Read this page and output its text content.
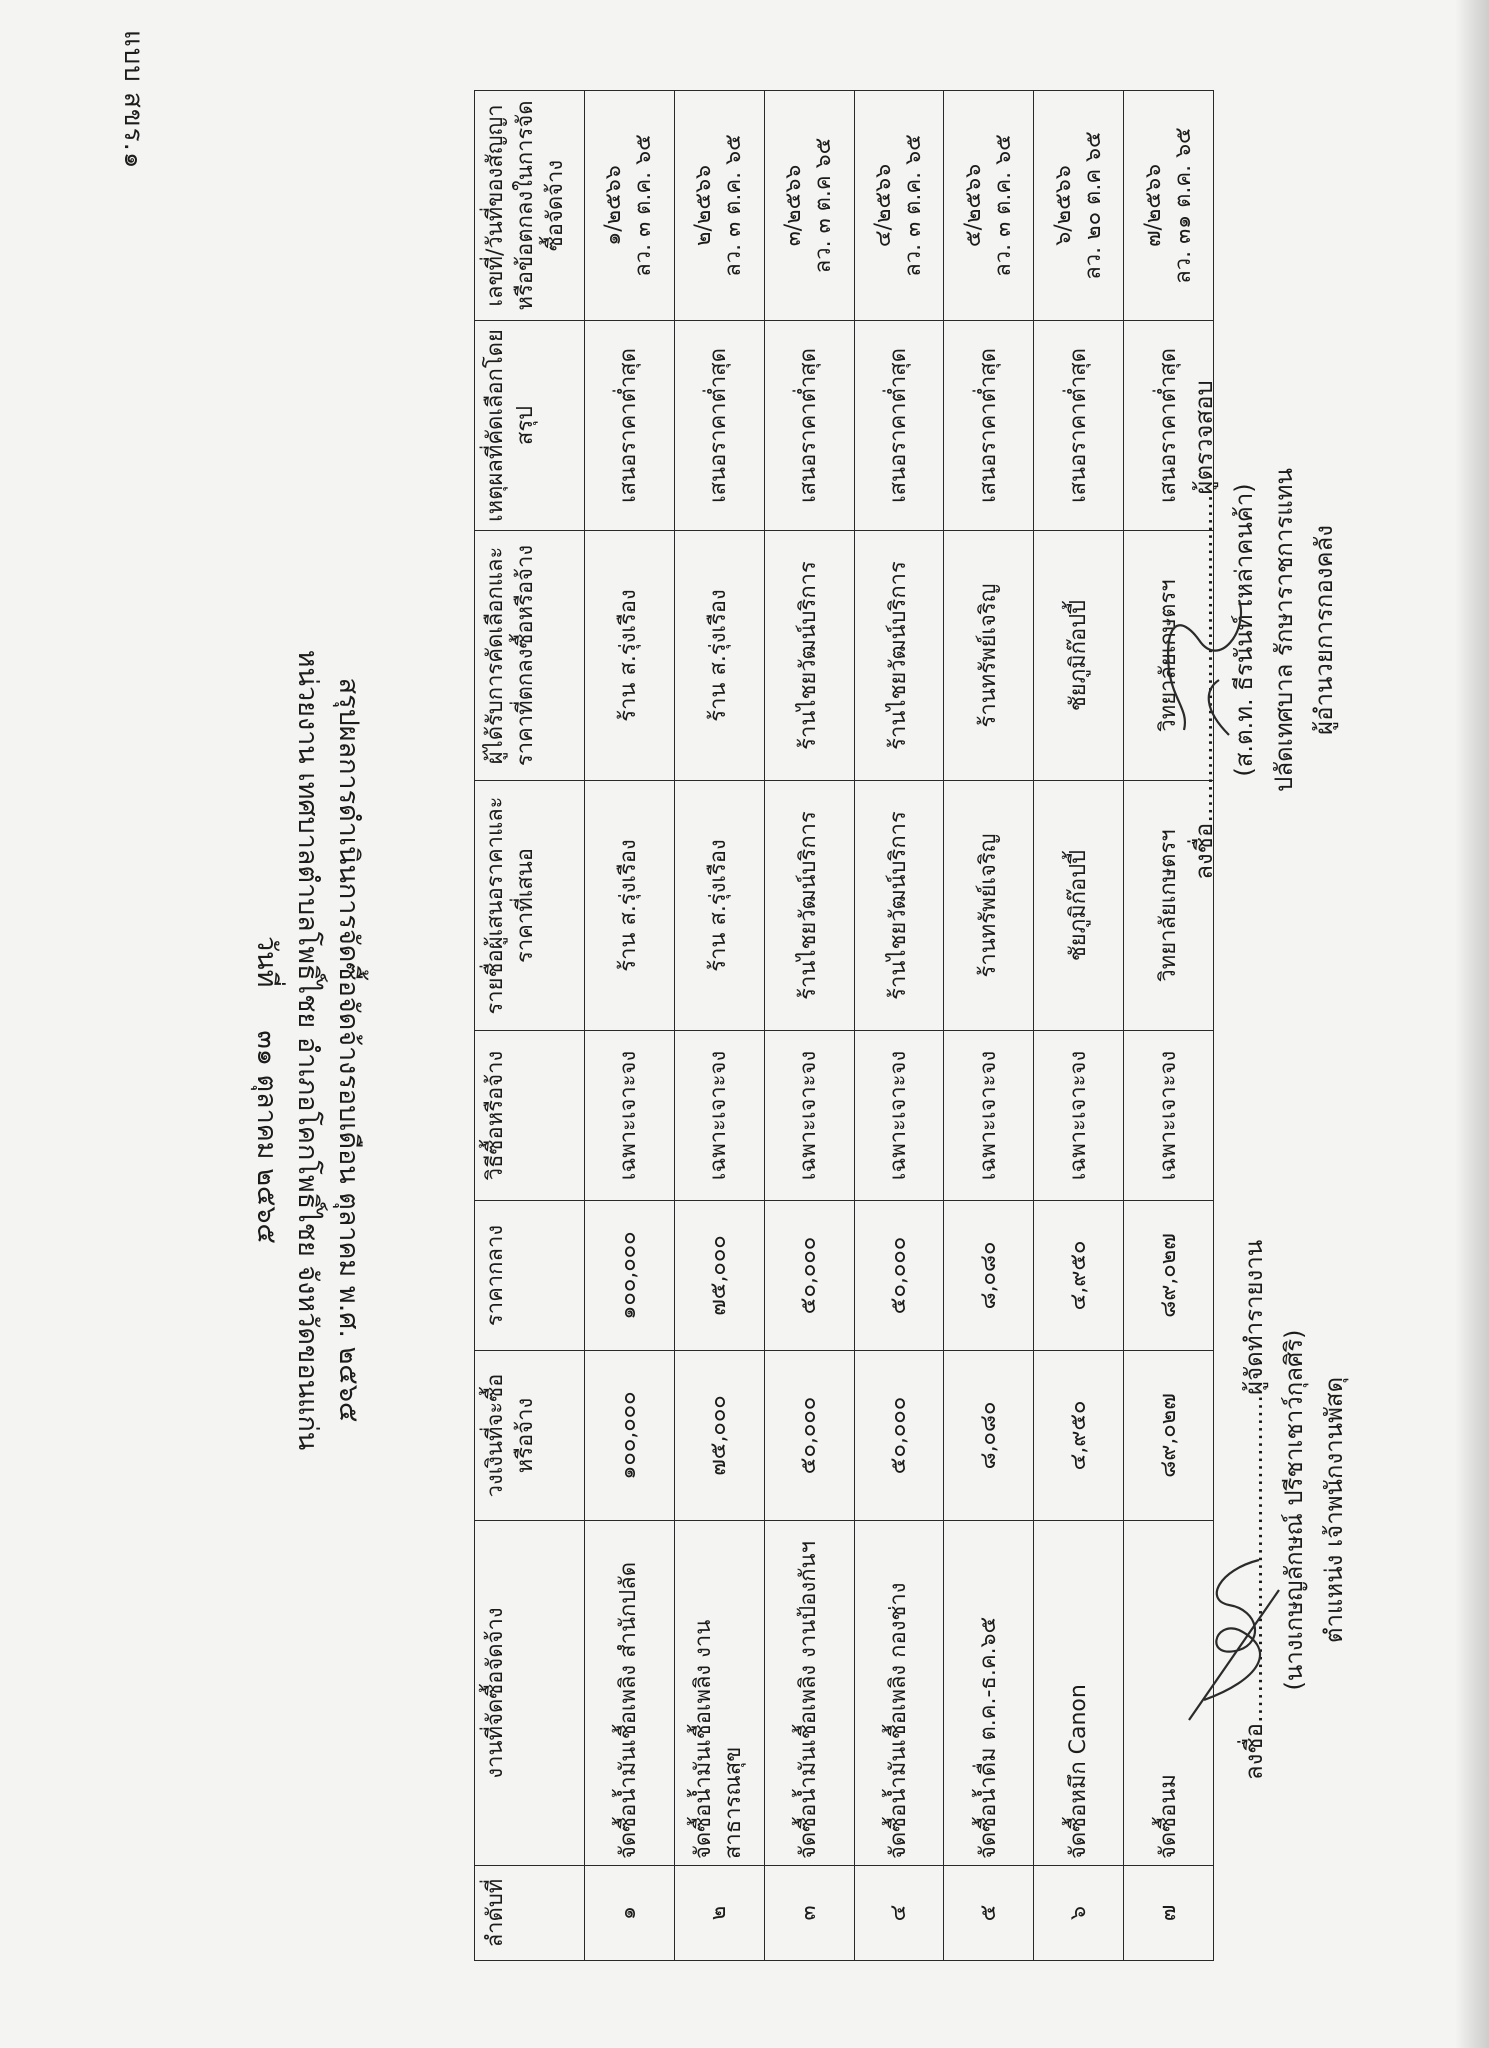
แบบ สขร.๑
สรุปผลการดำเนินการจัดซื้อจัดจ้างรอบเดือน ตุลาคม พ.ศ. ๒๕๖๕
หน่วยงาน เทศบาลตำบลโพธิ์ไชย อำเภอโคกโพธิ์ไชย จังหวัดขอนแก่น
วันที่     ๓๑ ตุลาคม ๒๕๖๕
ลำดับที่	งานที่จัดซื้อจัดจ้าง	วงเงินที่จะซื้อหรือจ้าง	ราคากลาง	วิธีซื้อหรือจ้าง	รายชื่อผู้เสนอราคาและราคาที่เสนอ	ผู้ได้รับการคัดเลือกและราคาที่ตกลงซื้อหรือจ้าง	เหตุผลที่คัดเลือกโดยสรุป	เลขที่/วันที่ของสัญญาหรือข้อตกลงในการจัดซื้อจัดจ้าง
๑	จัดซื้อน้ำมันเชื้อเพลิง สำนักปลัด	๑๐๐,๐๐๐	๑๐๐,๐๐๐	เฉพาะเจาะจง	ร้าน ส.รุ่งเรือง	ร้าน ส.รุ่งเรือง	เสนอราคาต่ำสุด	๑/๒๕๖๖ ลว. ๓ ต.ค. ๖๕
๒	จัดซื้อน้ำมันเชื้อเพลิง งานสาธารณสุข	๗๕,๐๐๐	๗๕,๐๐๐	เฉพาะเจาะจง	ร้าน ส.รุ่งเรือง	ร้าน ส.รุ่งเรือง	เสนอราคาต่ำสุด	๒/๒๕๖๖ ลว. ๓ ต.ค. ๖๕
๓	จัดซื้อน้ำมันเชื้อเพลิง งานป้องกันฯ	๕๐,๐๐๐	๕๐,๐๐๐	เฉพาะเจาะจง	ร้านไชยวัฒน์บริการ	ร้านไชยวัฒน์บริการ	เสนอราคาต่ำสุด	๓/๒๕๖๖ ลว. ๓ ต.ค ๖๕
๔	จัดซื้อน้ำมันเชื้อเพลิง กองช่าง	๕๐,๐๐๐	๕๐,๐๐๐	เฉพาะเจาะจง	ร้านไชยวัฒน์บริการ	ร้านไชยวัฒน์บริการ	เสนอราคาต่ำสุด	๔/๒๕๖๖ ลว. ๓ ต.ค. ๖๕
๕	จัดซื้อน้ำดื่ม ต.ค.-ธ.ค.๖๕	๘,๐๘๐	๘,๐๘๐	เฉพาะเจาะจง	ร้านทรัพย์เจริญ	ร้านทรัพย์เจริญ	เสนอราคาต่ำสุด	๕/๒๕๖๖ ลว. ๓ ต.ค. ๖๕
๖	จัดซื้อหมึก Canon	๔,๙๕๐	๔,๙๕๐	เฉพาะเจาะจง	ชัยภูมิก๊อปปี้	ชัยภูมิก๊อปปี้	เสนอราคาต่ำสุด	๖/๒๕๖๖ ลว. ๒๐ ต.ค ๖๕
๗	จัดซื้อนม	๘๙,๐๒๗	๘๙,๐๒๗	เฉพาะเจาะจง	วิทยาลัยเกษตรฯ	วิทยาลัยเกษตรฯ	เสนอราคาต่ำสุด	๗/๒๕๖๖ ลว. ๓๑ ต.ค. ๖๕
ลงชื่อ...........................................ผู้จัดทำรายงาน
(นางเกษญลักษณ์ ปรีชาเชาว์กุลศิริ) ตำแหน่ง เจ้าพนักงานพัสดุ
ลงชื่อ...........................................ผู้ตรวจสอบ
(ส.ต.ท. ธีรนันท์ เหล่าคนค้า) ปลัดเทศบาล รักษาราชการแทน ผู้อำนวยการกองคลัง
